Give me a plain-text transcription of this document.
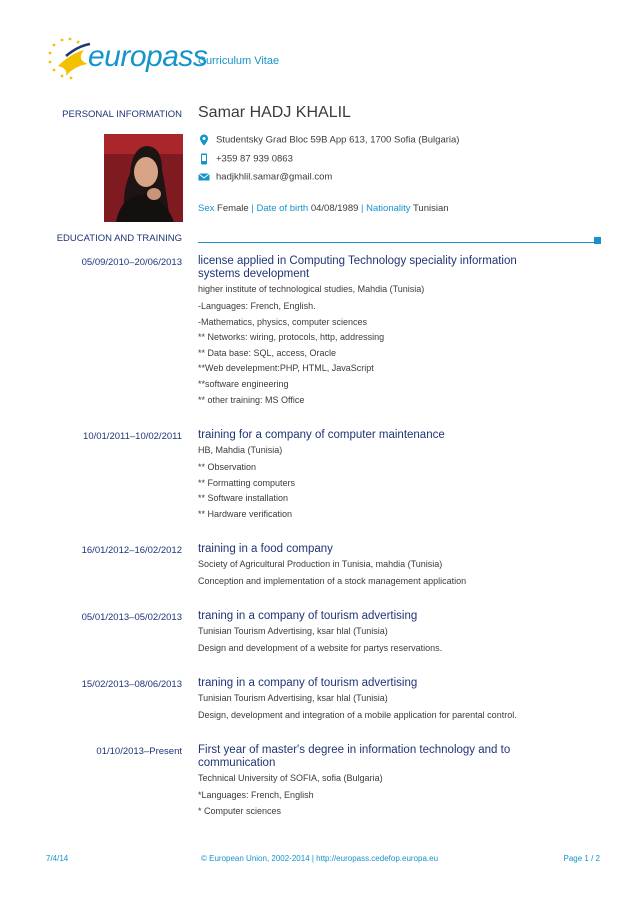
europass
Curriculum Vitae
PERSONAL INFORMATION Samar HADJ KHALIL
Studentsky Grad Bloc 59B App 613, 1700 Sofia (Bulgaria)
+359 87 939 0863
hadjkhlil.samar@gmail.com
Sex Female | Date of birth 04/08/1989 | Nationality Tunisian
EDUCATION AND TRAINING
05/09/2010–20/06/2013 license applied in Computing Technology speciality information systems development
higher institute of technological studies, Mahdia (Tunisia)
-Languages: French, English.
-Mathematics, physics, computer sciences
** Networks: wiring, protocols, http, addressing
** Data base: SQL, access, Oracle
**Web develepment:PHP, HTML, JavaScript
**software engineering
** other training: MS Office
10/01/2011–10/02/2011 training for a company of computer maintenance
HB, Mahdia (Tunisia)
** Observation
** Formatting computers
** Software installation
** Hardware verification
16/01/2012–16/02/2012 training in a food company
Society of Agricultural Production in Tunisia, mahdia (Tunisia)
Conception and implementation of a stock management application
05/01/2013–05/02/2013 traning in a company of tourism advertising
Tunisian Tourism Advertising, ksar hlal (Tunisia)
Design and development of a website for partys reservations.
15/02/2013–08/06/2013 traning in a company of tourism advertising
Tunisian Tourism Advertising, ksar hlal (Tunisia)
Design, development and integration of a mobile application for parental control.
01/10/2013–Present First year of master's degree in information technology and to communication
Technical University of SOFIA, sofia (Bulgaria)
*Languages: French, English
* Computer sciences
7/4/14	© European Union, 2002-2014 | http://europass.cedefop.europa.eu	Page 1 / 2
